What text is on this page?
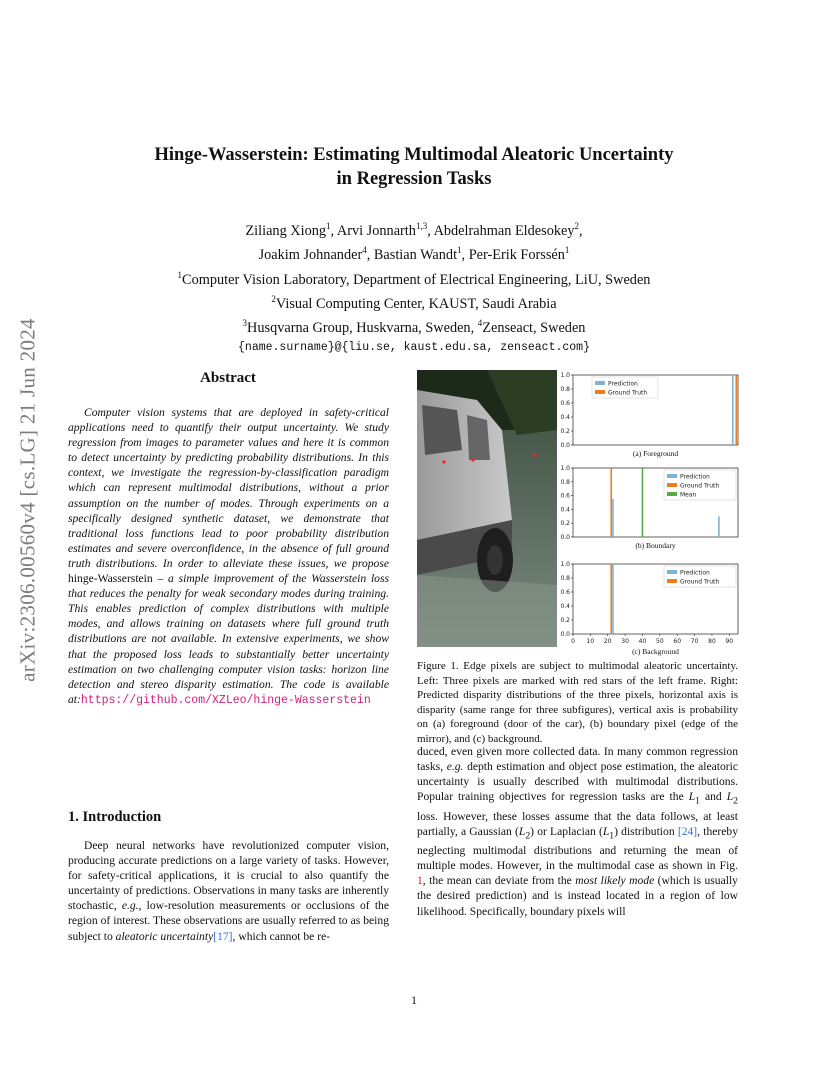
arXiv:2306.00560v4 [cs.LG] 21 Jun 2024
Hinge-Wasserstein: Estimating Multimodal Aleatoric Uncertainty
in Regression Tasks
Ziliang Xiong$^1$, Arvi Jonnarth$^{1,3}$, Abdelrahman Eldesokey$^2$,
Joakim Johnander$^4$, Bastian Wandt$^1$, Per-Erik Forssén$^1$
$^1$Computer Vision Laboratory, Department of Electrical Engineering, LiU, Sweden
$^2$Visual Computing Center, KAUST, Saudi Arabia
$^3$Husqvarna Group, Huskvarna, Sweden, $^4$Zenseact, Sweden
{name.surname}@{liu.se, kaust.edu.sa, zenseact.com}
Abstract
Computer vision systems that are deployed in safety-critical applications need to quantify their output uncertainty. We study regression from images to parameter values and here it is common to detect uncertainty by predicting probability distributions. In this context, we investigate the regression-by-classification paradigm which can represent multimodal distributions, without a prior assumption on the number of modes. Through experiments on a specifically designed synthetic dataset, we demonstrate that traditional loss functions lead to poor probability distribution estimates and severe overconfidence, in the absence of full ground truth distributions. In order to alleviate these issues, we propose hinge-Wasserstein – a simple improvement of the Wasserstein loss that reduces the penalty for weak secondary modes during training. This enables prediction of complex distributions with multiple modes, and allows training on datasets where full ground truth distributions are not available. In extensive experiments, we show that the proposed loss leads to substantially better uncertainty estimation on two challenging computer vision tasks: horizon line detection and stereo disparity estimation. The code is available at:https://github.com/XZLeo/hinge-Wasserstein
1. Introduction
Deep neural networks have revolutionized computer vision, producing accurate predictions on a large variety of tasks. However, for safety-critical applications, it is crucial to also quantify the uncertainty of predictions. Observations in many tasks are inherently stochastic, e.g., low-resolution measurements or occlusions of the region of interest. These observations are usually referred to as being subject to aleatoric uncertainty[17], which cannot be re-
0.0
0.2
0.4
0.6
0.8
1.0
Prediction
Ground Truth
(a) Foreground
0.0
0.2
0.4
0.6
0.8
1.0
Prediction
Ground Truth
Mean
(b) Boundary
0.0
0.2
0.4
0.6
0.8
1.0
0 10 20 30 40 50 60 70 80 90
Prediction
Ground Truth
(c) Background
Figure 1. Edge pixels are subject to multimodal aleatoric uncertainty. Left: Three pixels are marked with red stars of the left frame. Right: Predicted disparity distributions of the three pixels, horizontal axis is disparity (same range for three subfigures), vertical axis is probability on (a) foreground (door of the car), (b) boundary pixel (edge of the mirror), and (c) background.
duced, even given more collected data. In many common regression tasks, e.g. depth estimation and object pose estimation, the aleatoric uncertainty is usually described with multimodal distributions. Popular training objectives for regression tasks are the $L_1$ and $L_2$ loss. However, these losses assume that the data follows, at least partially, a Gaussian $(L_2)$ or Laplacian $(L_1)$ distribution [24], thereby neglecting multimodal distributions and returning the mean of multiple modes. However, in the multimodal case as shown in Fig. 1, the mean can deviate from the most likely mode (which is usually the desired prediction) and is instead located in a region of low likelihood. Specifically, boundary pixels will
1
